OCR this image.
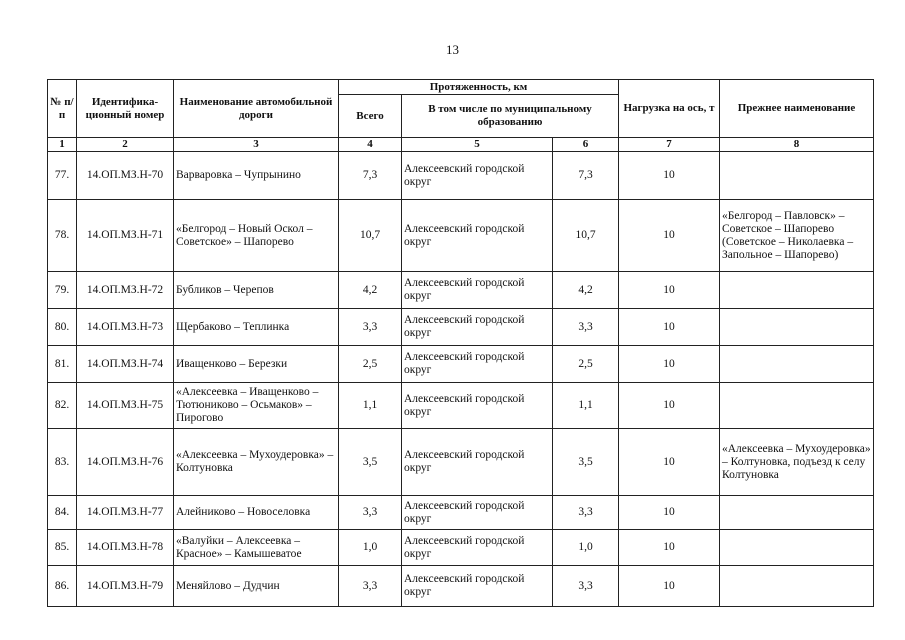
13
№ п/п	Идентифика-ционный номер	Наименование автомобильной дороги	Протяженность, км			Нагрузка на ось, т	Прежнее наименование
			Всего	В том числе по муниципальному образованию			
1	2	3	4	5	6	7	8
77.	14.ОП.МЗ.Н-70	Варваровка – Чупрынино	7,3	Алексеевский городской округ	7,3	10	
78.	14.ОП.МЗ.Н-71	«Белгород – Новый Оскол – Советское» – Шапорево	10,7	Алексеевский городской округ	10,7	10	«Белгород – Павловск» – Советское – Шапорево (Советское – Николаевка – Запольное – Шапорево)
79.	14.ОП.МЗ.Н-72	Бубликов – Черепов	4,2	Алексеевский городской округ	4,2	10	
80.	14.ОП.МЗ.Н-73	Щербаково – Теплинка	3,3	Алексеевский городской округ	3,3	10	
81.	14.ОП.МЗ.Н-74	Иващенково – Березки	2,5	Алексеевский городской округ	2,5	10	
82.	14.ОП.МЗ.Н-75	«Алексеевка – Иващенково – Тютюниково – Осьмаков» – Пирогово	1,1	Алексеевский городской округ	1,1	10	
83.	14.ОП.МЗ.Н-76	«Алексеевка – Мухоудеровка» – Колтуновка	3,5	Алексеевский городской округ	3,5	10	«Алексеевка – Мухоудеровка» – Колтуновка, подъезд к селу Колтуновка
84.	14.ОП.МЗ.Н-77	Алейниково – Новоселовка	3,3	Алексеевский городской округ	3,3	10	
85.	14.ОП.МЗ.Н-78	«Валуйки – Алексеевка – Красное» – Камышеватое	1,0	Алексеевский городской округ	1,0	10	
86.	14.ОП.МЗ.Н-79	Меняйлово – Дудчин	3,3	Алексеевский городской округ	3,3	10	
